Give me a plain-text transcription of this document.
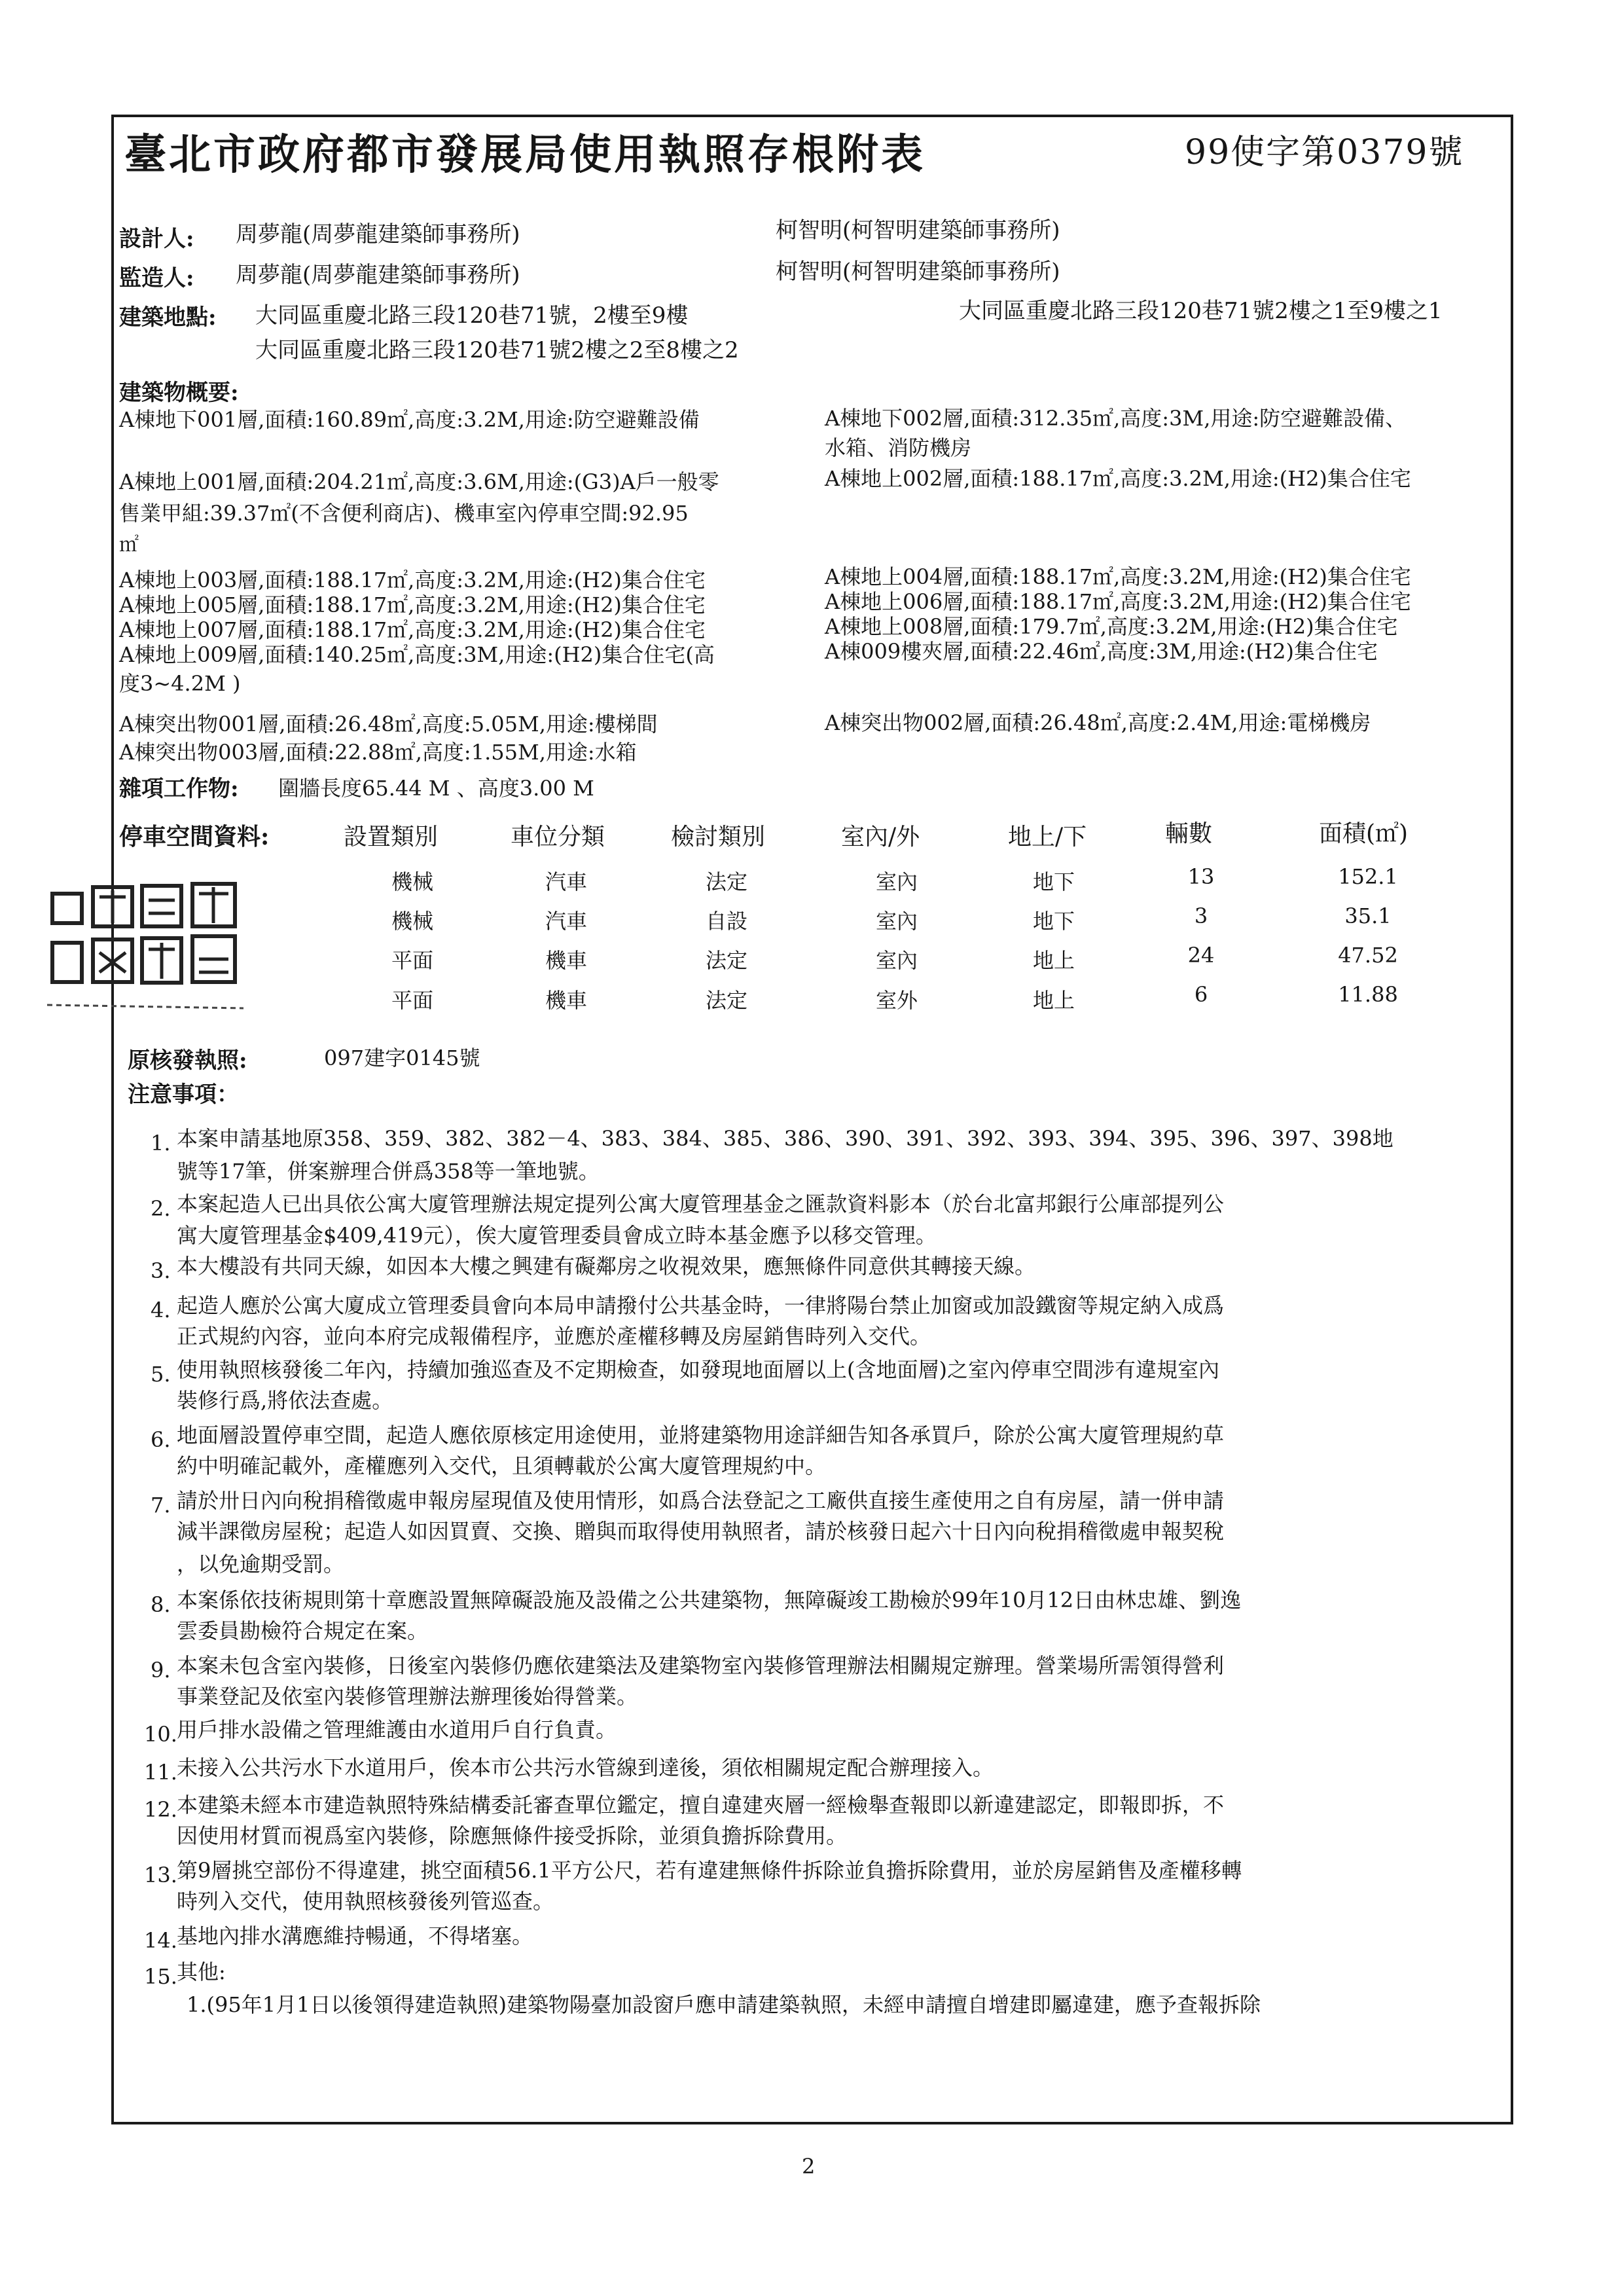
臺北市政府都市發展局使用執照存根附表	99使字第0379號
設計人: 周夢龍(周夢龍建築師事務所)	柯智明(柯智明建築師事務所)
監造人: 周夢龍(周夢龍建築師事務所)	柯智明(柯智明建築師事務所)
建築地點: 大同區重慶北路三段120巷71號，2樓至9樓	大同區重慶北路三段120巷71號2樓之1至9樓之1
大同區重慶北路三段120巷71號2樓之2至8樓之2
建築物概要:
A棟地下001層,面積:160.89㎡,高度:3.2M,用途:防空避難設備	A棟地下002層,面積:312.35㎡,高度:3M,用途:防空避難設備、
水箱、消防機房
A棟地上001層,面積:204.21㎡,高度:3.6M,用途:(G3)A戶一般零
售業甲組:39.37㎡(不含便利商店)、機車室內停車空間:92.95
㎡
A棟地上002層,面積:188.17㎡,高度:3.2M,用途:(H2)集合住宅
A棟地上003層,面積:188.17㎡,高度:3.2M,用途:(H2)集合住宅	A棟地上004層,面積:188.17㎡,高度:3.2M,用途:(H2)集合住宅
A棟地上005層,面積:188.17㎡,高度:3.2M,用途:(H2)集合住宅	A棟地上006層,面積:188.17㎡,高度:3.2M,用途:(H2)集合住宅
A棟地上007層,面積:188.17㎡,高度:3.2M,用途:(H2)集合住宅	A棟地上008層,面積:179.7㎡,高度:3.2M,用途:(H2)集合住宅
A棟地上009層,面積:140.25㎡,高度:3M,用途:(H2)集合住宅(高	A棟009樓夾層,面積:22.46㎡,高度:3M,用途:(H2)集合住宅
度3~4.2M )
A棟突出物001層,面積:26.48㎡,高度:5.05M,用途:樓梯間	A棟突出物002層,面積:26.48㎡,高度:2.4M,用途:電梯機房
A棟突出物003層,面積:22.88㎡,高度:1.55M,用途:水箱
雜項工作物: 圍牆長度65.44 M 、高度3.00 M
停車空間資料:	設置類別	車位分類	檢討類別	室內/外	地上/下	輛數	面積(㎡)
機械	汽車	法定	室內	地下	13	152.1
機械	汽車	自設	室內	地下	3	35.1
平面	機車	法定	室內	地上	24	47.52
平面	機車	法定	室外	地上	6	11.88
原核發執照:	097建字0145號
注意事項：
1. 本案申請基地原358、359、382、382－4、383、384、385、386、390、391、392、393、394、395、396、397、398地
號等17筆，併案辦理合併爲358等一筆地號。
2. 本案起造人已出具依公寓大廈管理辦法規定提列公寓大廈管理基金之匯款資料影本（於台北富邦銀行公庫部提列公
寓大廈管理基金$409,419元），俟大廈管理委員會成立時本基金應予以移交管理。
3. 本大樓設有共同天線，如因本大樓之興建有礙鄰房之收視效果，應無條件同意供其轉接天線。
4. 起造人應於公寓大廈成立管理委員會向本局申請撥付公共基金時，一律將陽台禁止加窗或加設鐵窗等規定納入成爲
正式規約內容，並向本府完成報備程序，並應於產權移轉及房屋銷售時列入交代。
5. 使用執照核發後二年內，持續加強巡查及不定期檢查，如發現地面層以上(含地面層)之室內停車空間涉有違規室內
裝修行爲,將依法查處。
6. 地面層設置停車空間，起造人應依原核定用途使用，並將建築物用途詳細告知各承買戶，除於公寓大廈管理規約草
約中明確記載外，產權應列入交代，且須轉載於公寓大廈管理規約中。
7. 請於卅日內向稅捐稽徵處申報房屋現值及使用情形，如爲合法登記之工廠供直接生產使用之自有房屋，請一併申請
減半課徵房屋稅；起造人如因買賣、交換、贈與而取得使用執照者，請於核發日起六十日內向稅捐稽徵處申報契稅
，以免逾期受罰。
8. 本案係依技術規則第十章應設置無障礙設施及設備之公共建築物，無障礙竣工勘檢於99年10月12日由林忠雄、劉逸
雲委員勘檢符合規定在案。
9. 本案未包含室內裝修，日後室內裝修仍應依建築法及建築物室內裝修管理辦法相關規定辦理。營業場所需領得營利
事業登記及依室內裝修管理辦法辦理後始得營業。
10. 用戶排水設備之管理維護由水道用戶自行負責。
11. 未接入公共污水下水道用戶，俟本市公共污水管線到達後，須依相關規定配合辦理接入。
12. 本建築未經本市建造執照特殊結構委託審查單位鑑定，擅自違建夾層一經檢舉查報即以新違建認定，即報即拆，不
因使用材質而視爲室內裝修，除應無條件接受拆除，並須負擔拆除費用。
13. 第9層挑空部份不得違建，挑空面積56.1平方公尺，若有違建無條件拆除並負擔拆除費用，並於房屋銷售及產權移轉
時列入交代，使用執照核發後列管巡查。
14. 基地內排水溝應維持暢通，不得堵塞。
15. 其他:
1.(95年1月1日以後領得建造執照)建築物陽臺加設窗戶應申請建築執照，未經申請擅自增建即屬違建，應予查報拆除
2
